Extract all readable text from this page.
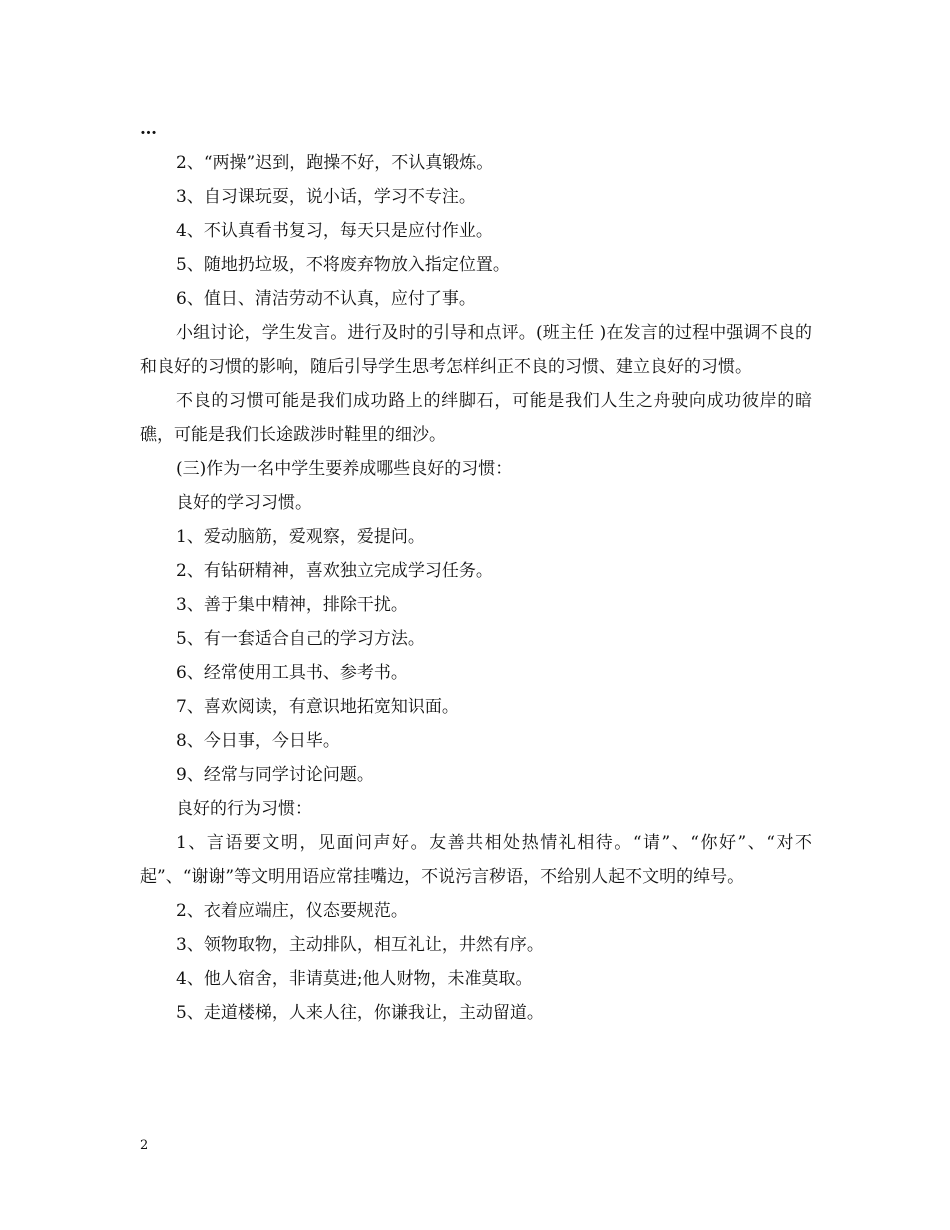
…
2、“两操”迟到，跑操不好，不认真锻炼。
3、自习课玩耍，说小话，学习不专注。
4、不认真看书复习，每天只是应付作业。
5、随地扔垃圾，不将废弃物放入指定位置。
6、值日、清洁劳动不认真，应付了事。
小组讨论，学生发言。进行及时的引导和点评。(班主任 )在发言的过程中强调不良的和良好的习惯的影响，随后引导学生思考怎样纠正不良的习惯、建立良好的习惯。
不良的习惯可能是我们成功路上的绊脚石，可能是我们人生之舟驶向成功彼岸的暗礁，可能是我们长途跋涉时鞋里的细沙。
(三)作为一名中学生要养成哪些良好的习惯：
良好的学习习惯。
1、爱动脑筋，爱观察，爱提问。
2、有钻研精神，喜欢独立完成学习任务。
3、善于集中精神，排除干扰。
5、有一套适合自己的学习方法。
6、经常使用工具书、参考书。
7、喜欢阅读，有意识地拓宽知识面。
8、今日事，今日毕。
9、经常与同学讨论问题。
良好的行为习惯：
1、言语要文明，见面问声好。友善共相处热情礼相待。“请”、“你好”、“对不起”、“谢谢”等文明用语应常挂嘴边，不说污言秽语，不给别人起不文明的绰号。
2、衣着应端庄，仪态要规范。
3、领物取物，主动排队，相互礼让，井然有序。
4、他人宿舍，非请莫进;他人财物，未准莫取。
5、走道楼梯，人来人往，你谦我让，主动留道。
2
